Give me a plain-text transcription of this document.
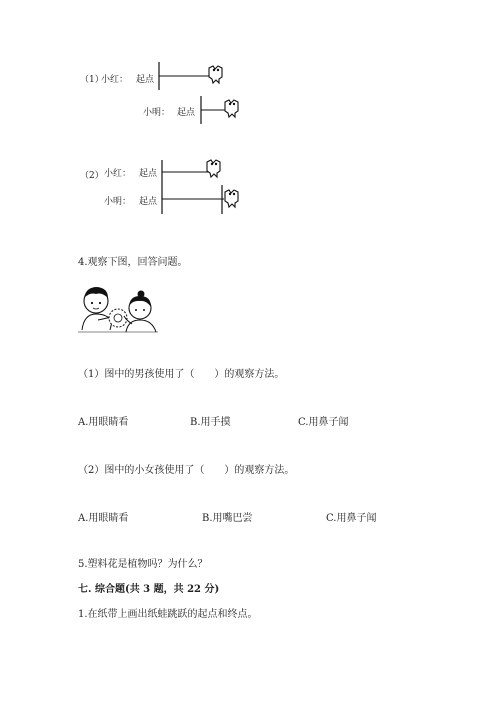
（1）
小红： 起点
小明： 起点
（2） 小红： 起点
小明： 起点
4.观察下图，回答问题。
（1）图中的男孩使用了（　　）的观察方法。
A.用眼睛看	B.用手摸	C.用鼻子闻
（2）图中的小女孩使用了（　　）的观察方法。
A.用眼睛看	B.用嘴巴尝	C.用鼻子闻
5.塑料花是植物吗？为什么？
七. 综合题(共 3 题，共 22 分)
1.在纸带上画出纸蛙跳跃的起点和终点。
